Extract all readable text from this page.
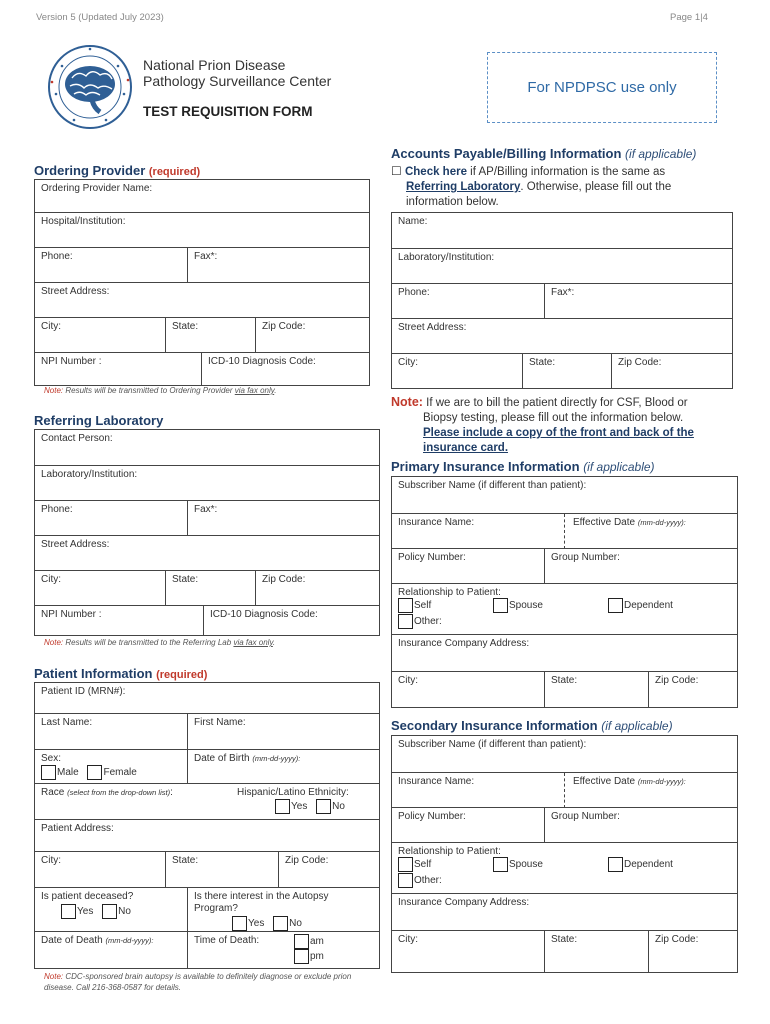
Version 5 (Updated July 2023)	Page 1|4
National Prion Disease
Pathology Surveillance Center
TEST REQUISITION FORM
For NPDPSC use only
Ordering Provider (required)
Ordering Provider Name:
Hospital/Institution:
Phone:	Fax*:
Street Address:
City:	State:	Zip Code:
NPI Number :	ICD-10 Diagnosis Code:
Note: Results will be transmitted to Ordering Provider via fax only.
Referring Laboratory
Contact Person:
Laboratory/Institution:
Phone:	Fax*:
Street Address:
City:	State:	Zip Code:
NPI Number :	ICD-10 Diagnosis Code:
Note: Results will be transmitted to the Referring Lab via fax only.
Patient Information (required)
Patient ID (MRN#):
Last Name:	First Name:
Sex:
Male Female
Date of Birth (mm-dd-yyyy):
Race (select from the drop-down list):	Hispanic/Latino Ethnicity:
Yes No
Patient Address:
City:	State:	Zip Code:
Is patient deceased?
Yes No
Is there interest in the Autopsy Program?
Yes No
Date of Death (mm-dd-yyyy):	Time of Death:	am
pm
Note: CDC-sponsored brain autopsy is available to definitely diagnose or exclude prion disease. Call 216-368-0587 for details.
Accounts Payable/Billing Information (if applicable)
☐ Check here if AP/Billing information is the same as
Referring Laboratory. Otherwise, please fill out the
information below.
Name:
Laboratory/Institution:
Phone:	Fax*:
Street Address:
City:	State:	Zip Code:
Note: If we are to bill the patient directly for CSF, Blood or
Biopsy testing, please fill out the information below.
Please include a copy of the front and back of the
insurance card.
Primary Insurance Information (if applicable)
Subscriber Name (if different than patient):
Insurance Name:	Effective Date (mm-dd-yyyy):
Policy Number:	Group Number:
Relationship to Patient:
Self	Spouse	Dependent
Other:
Insurance Company Address:
City:	State:	Zip Code:
Secondary Insurance Information (if applicable)
Subscriber Name (if different than patient):
Insurance Name:	Effective Date (mm-dd-yyyy):
Policy Number:	Group Number:
Relationship to Patient:
Self	Spouse	Dependent
Other:
Insurance Company Address:
City:	State:	Zip Code:
